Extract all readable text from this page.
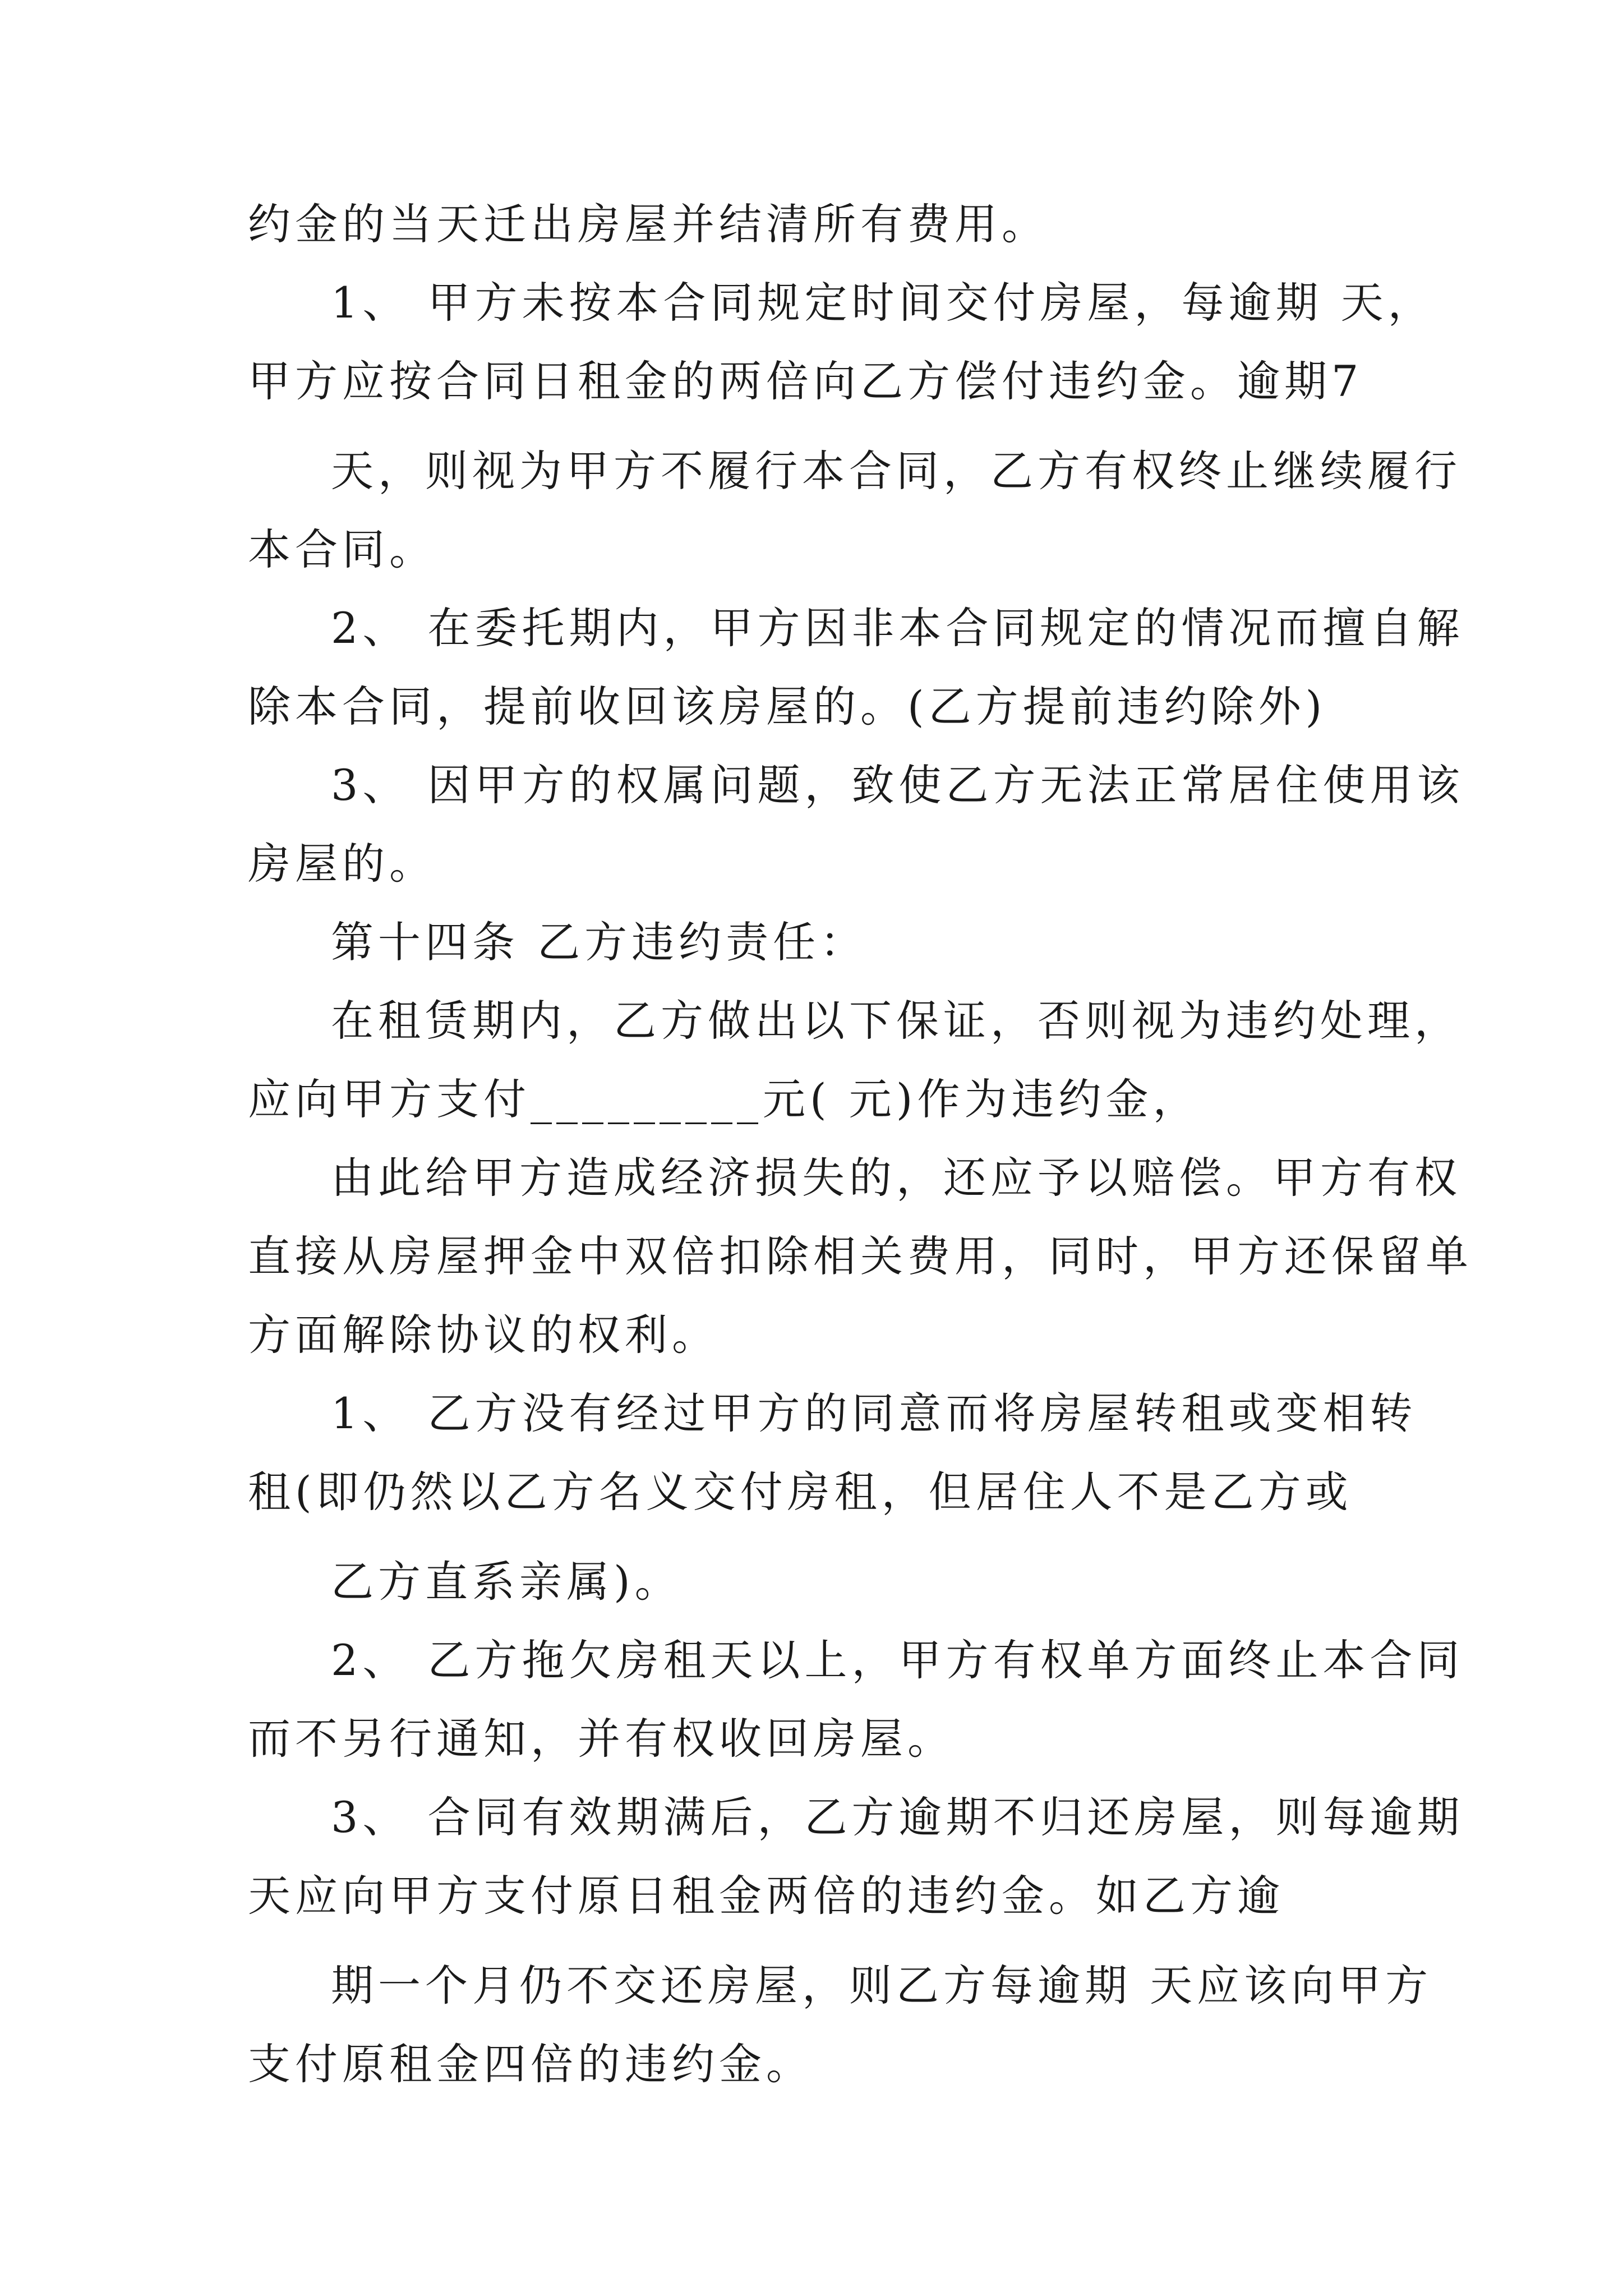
约金的当天迁出房屋并结清所有费用。
1、 甲方未按本合同规定时间交付房屋，每逾期 天，
甲方应按合同日租金的两倍向乙方偿付违约金。逾期7
天，则视为甲方不履行本合同，乙方有权终止继续履行
本合同。
2、 在委托期内，甲方因非本合同规定的情况而擅自解
除本合同，提前收回该房屋的。(乙方提前违约除外)
3、 因甲方的权属问题，致使乙方无法正常居住使用该
房屋的。
第十四条 乙方违约责任：
在租赁期内，乙方做出以下保证，否则视为违约处理，
应向甲方支付_________元( 元)作为违约金，
由此给甲方造成经济损失的，还应予以赔偿。甲方有权
直接从房屋押金中双倍扣除相关费用，同时，甲方还保留单
方面解除协议的权利。
1、 乙方没有经过甲方的同意而将房屋转租或变相转
租(即仍然以乙方名义交付房租，但居住人不是乙方或
乙方直系亲属)。
2、 乙方拖欠房租天以上，甲方有权单方面终止本合同
而不另行通知，并有权收回房屋。
3、 合同有效期满后，乙方逾期不归还房屋，则每逾期
天应向甲方支付原日租金两倍的违约金。如乙方逾
期一个月仍不交还房屋，则乙方每逾期 天应该向甲方
支付原租金四倍的违约金。
